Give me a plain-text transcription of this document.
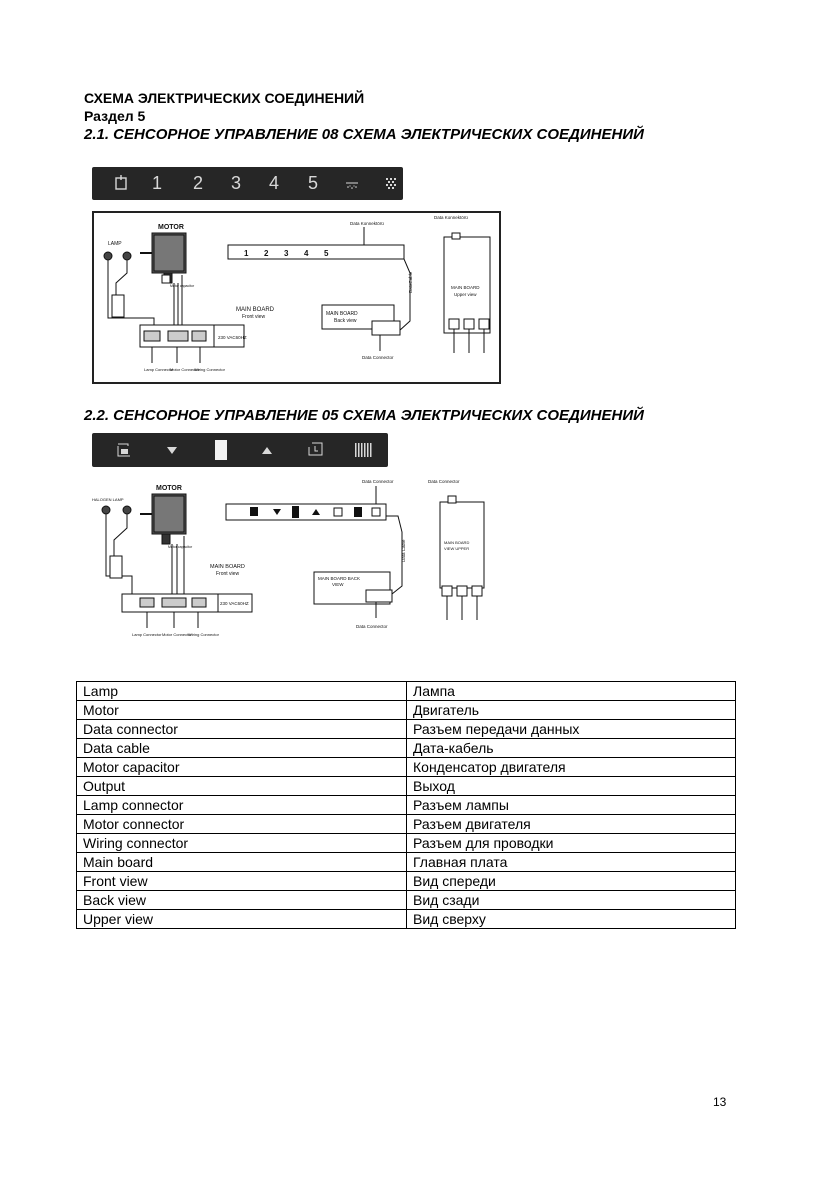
СХЕМА ЭЛЕКТРИЧЕСКИХ СОЕДИНЕНИЙ
Раздел 5
2.1. СЕНСОРНОЕ УПРАВЛЕНИЕ 08 СХЕМА ЭЛЕКТРИЧЕСКИХ СОЕДИНЕНИЙ
1 2 3 4 5
MOTOR
LAMP
MAIN BOARD
Front view
230 VAC60HZ
Motor capacitor
Data Konnektörü
Data Konnektörü
MAIN BOARD
Back view
MAIN BOARD
Upper view
Data Connector
Lamp Connector
Motor Connector
Wiring Connector
DataCable
1 2 3 4 5
2.2. СЕНСОРНОЕ УПРАВЛЕНИЕ 05 СХЕМА ЭЛЕКТРИЧЕСКИХ СОЕДИНЕНИЙ
MOTOR
HALOGEN LAMP
MAIN BOARD
Front view
230 VAC60HZ
Motor capacitor
Data Connector	Data Connector
MAIN BOARD BACK
VIEW
MAIN BOARD
VIEW UPPER
Data Connector
Lamp Connector Motor Connector
Wiring Connector
Data Cable
Lamp	Лампа
Motor	Двигатель
Data connector	Разъем передачи данных
Data cable	Дата-кабель
Motor capacitor	Конденсатор двигателя
Output	Выход
Lamp connector	Разъем лампы
Motor connector	Разъем двигателя
Wiring connector	Разъем для проводки
Main board	Главная плата
Front view	Вид спереди
Back view	Вид сзади
Upper view	Вид сверху
13
